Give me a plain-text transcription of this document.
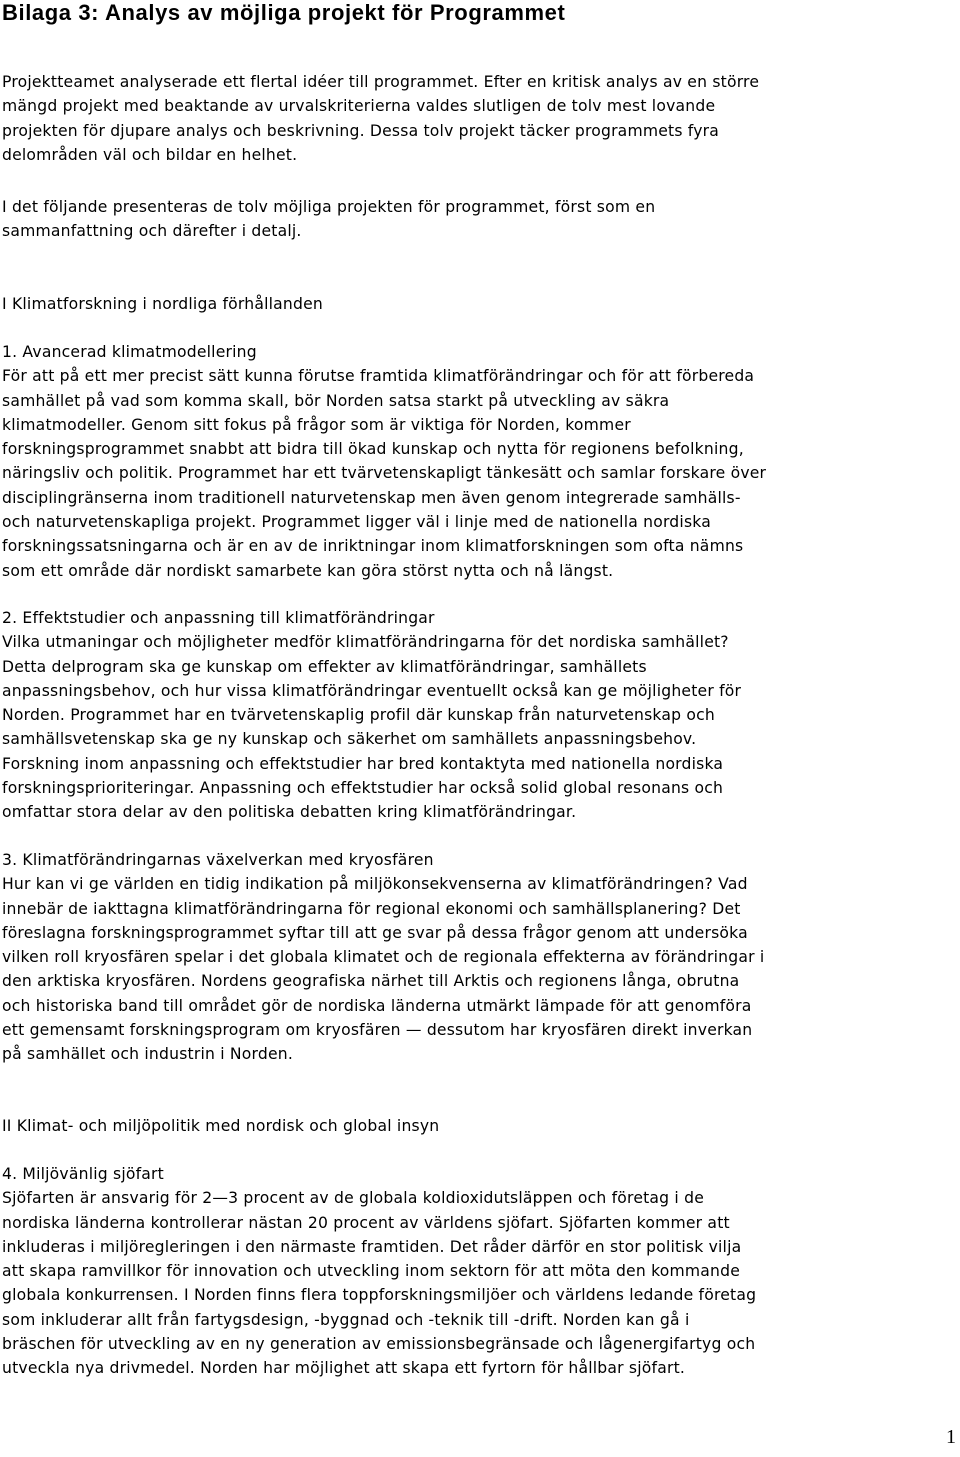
Bilaga 3: Analys av möjliga projekt för Programmet
Projektteamet analyserade ett flertal idéer till programmet. Efter en kritisk analys av en större
mängd projekt med beaktande av urvalskriterierna valdes slutligen de tolv mest lovande
projekten för djupare analys och beskrivning. Dessa tolv projekt täcker programmets fyra
delområden väl och bildar en helhet.
I det följande presenteras de tolv möjliga projekten för programmet, först som en
sammanfattning och därefter i detalj.
I Klimatforskning i nordliga förhållanden
1. Avancerad klimatmodellering
För att på ett mer precist sätt kunna förutse framtida klimatförändringar och för att förbereda
samhället på vad som komma skall, bör Norden satsa starkt på utveckling av säkra
klimatmodeller. Genom sitt fokus på frågor som är viktiga för Norden, kommer
forskningsprogrammet snabbt att bidra till ökad kunskap och nytta för regionens befolkning,
näringsliv och politik. Programmet har ett tvärvetenskapligt tänkesätt och samlar forskare över
disciplingränserna inom traditionell naturvetenskap men även genom integrerade samhälls-
och naturvetenskapliga projekt. Programmet ligger väl i linje med de nationella nordiska
forskningssatsningarna och är en av de inriktningar inom klimatforskningen som ofta nämns
som ett område där nordiskt samarbete kan göra störst nytta och nå längst.
2. Effektstudier och anpassning till klimatförändringar
Vilka utmaningar och möjligheter medför klimatförändringarna för det nordiska samhället?
Detta delprogram ska ge kunskap om effekter av klimatförändringar, samhällets
anpassningsbehov, och hur vissa klimatförändringar eventuellt också kan ge möjligheter för
Norden. Programmet har en tvärvetenskaplig profil där kunskap från naturvetenskap och
samhällsvetenskap ska ge ny kunskap och säkerhet om samhällets anpassningsbehov.
Forskning inom anpassning och effektstudier har bred kontaktyta med nationella nordiska
forskningsprioriteringar. Anpassning och effektstudier har också solid global resonans och
omfattar stora delar av den politiska debatten kring klimatförändringar.
3. Klimatförändringarnas växelverkan med kryosfären
Hur kan vi ge världen en tidig indikation på miljökonsekvenserna av klimatförändringen? Vad
innebär de iakttagna klimatförändringarna för regional ekonomi och samhällsplanering? Det
föreslagna forskningsprogrammet syftar till att ge svar på dessa frågor genom att undersöka
vilken roll kryosfären spelar i det globala klimatet och de regionala effekterna av förändringar i
den arktiska kryosfären. Nordens geografiska närhet till Arktis och regionens långa, obrutna
och historiska band till området gör de nordiska länderna utmärkt lämpade för att genomföra
ett gemensamt forskningsprogram om kryosfären — dessutom har kryosfären direkt inverkan
på samhället och industrin i Norden.
II Klimat- och miljöpolitik med nordisk och global insyn
4. Miljövänlig sjöfart
Sjöfarten är ansvarig för 2—3 procent av de globala koldioxidutsläppen och företag i de
nordiska länderna kontrollerar nästan 20 procent av världens sjöfart. Sjöfarten kommer att
inkluderas i miljöregleringen i den närmaste framtiden. Det råder därför en stor politisk vilja
att skapa ramvillkor för innovation och utveckling inom sektorn för att möta den kommande
globala konkurrensen. I Norden finns flera toppforskningsmiljöer och världens ledande företag
som inkluderar allt från fartygsdesign, -byggnad och -teknik till -drift. Norden kan gå i
bräschen för utveckling av en ny generation av emissionsbegränsade och lågenergifartyg och
utveckla nya drivmedel. Norden har möjlighet att skapa ett fyrtorn för hållbar sjöfart.
1
